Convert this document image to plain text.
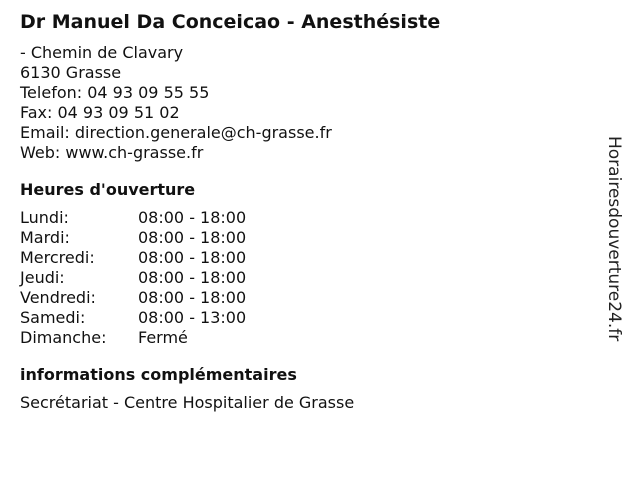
Dr Manuel Da Conceicao - Anesthésiste
- Chemin de Clavary
6130 Grasse
Telefon: 04 93 09 55 55
Fax: 04 93 09 51 02
Email: direction.generale@ch-grasse.fr
Web: www.ch-grasse.fr
Heures d'ouverture
Lundi:	08:00 - 18:00
Mardi:	08:00 - 18:00
Mercredi:	08:00 - 18:00
Jeudi:	08:00 - 18:00
Vendredi:	08:00 - 18:00
Samedi:	08:00 - 13:00
Dimanche:	Fermé
informations complémentaires
Secrétariat - Centre Hospitalier de Grasse
Horairesdouverture24.fr
